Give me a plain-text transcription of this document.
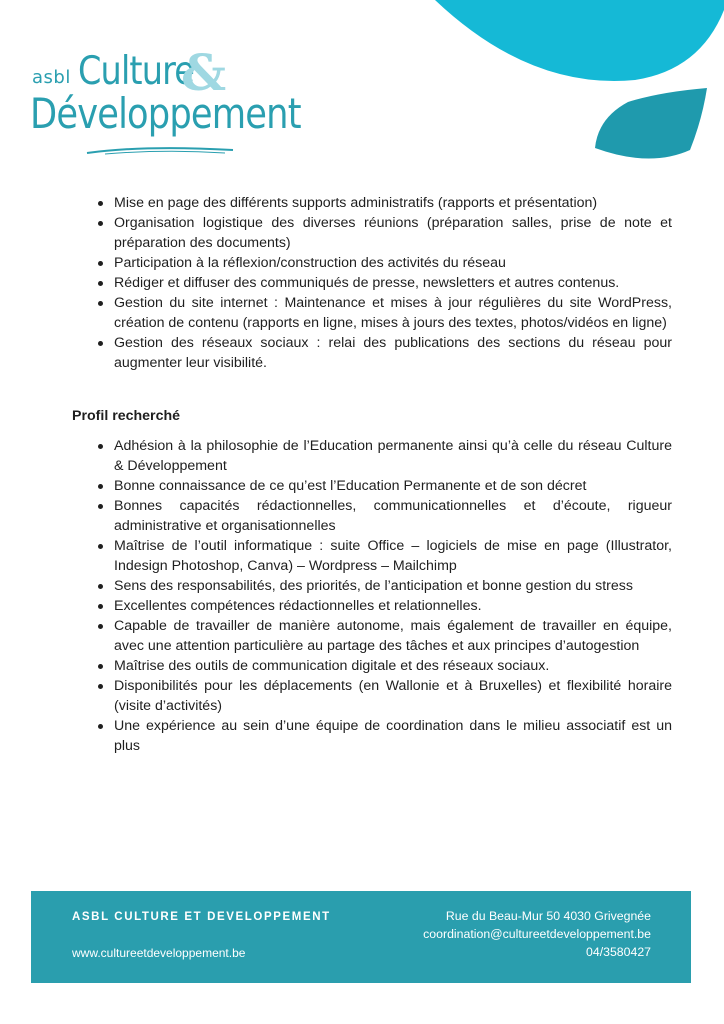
asbl Culture
&
Développement
Mise en page des différents supports administratifs (rapports et présentation)
Organisation logistique des diverses réunions (préparation salles, prise de note et préparation des documents)
Participation à la réflexion/construction des activités du réseau
Rédiger et diffuser des communiqués de presse, newsletters et autres contenus.
Gestion du site internet : Maintenance et mises à jour régulières du site WordPress, création de contenu (rapports en ligne, mises à jours des textes, photos/vidéos en ligne)
Gestion des réseaux sociaux : relai des publications des sections du réseau pour augmenter leur visibilité.
Profil recherché
Adhésion à la philosophie de l’Education permanente ainsi qu’à celle du réseau Culture & Développement
Bonne connaissance de ce qu’est l’Education Permanente et de son décret
Bonnes capacités rédactionnelles, communicationnelles et d’écoute, rigueur administrative et organisationnelles
Maîtrise de l’outil informatique : suite Office – logiciels de mise en page (Illustrator, Indesign Photoshop, Canva) – Wordpress – Mailchimp
Sens des responsabilités, des priorités, de l’anticipation et bonne gestion du stress
Excellentes compétences rédactionnelles et relationnelles.
Capable de travailler de manière autonome, mais également de travailler en équipe, avec une attention particulière au partage des tâches et aux principes d’autogestion
Maîtrise des outils de communication digitale et des réseaux sociaux.
Disponibilités pour les déplacements (en Wallonie et à Bruxelles) et flexibilité horaire (visite d’activités)
Une expérience au sein d’une équipe de coordination dans le milieu associatif est un plus
ASBL CULTURE ET DEVELOPPEMENT
www.cultureetdeveloppement.be
Rue du Beau-Mur 50 4030 Grivegnée
coordination@cultureetdeveloppement.be
04/3580427
